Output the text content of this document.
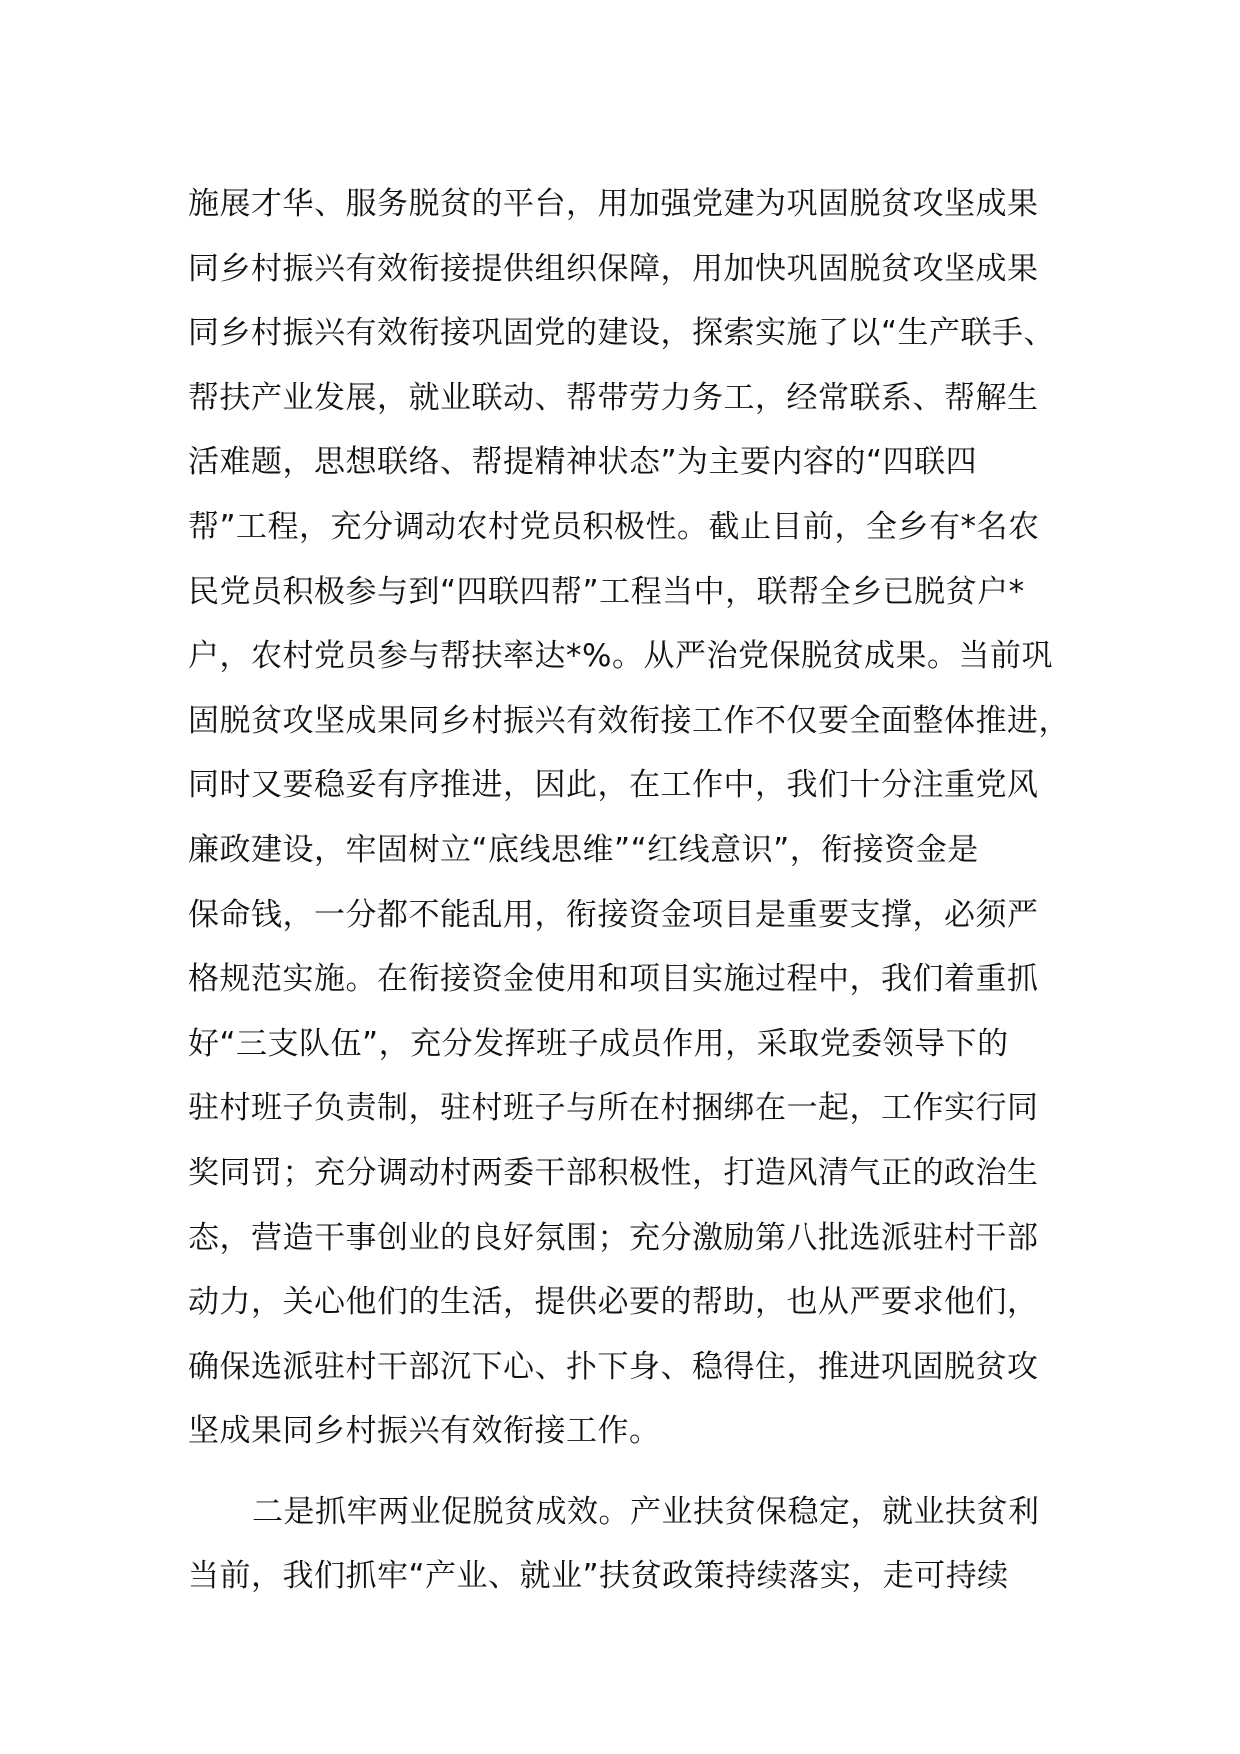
施展才华、服务脱贫的平台，用加强党建为巩固脱贫攻坚成果
同乡村振兴有效衔接提供组织保障，用加快巩固脱贫攻坚成果
同乡村振兴有效衔接巩固党的建设，探索实施了以“生产联手、
帮扶产业发展，就业联动、帮带劳力务工，经常联系、帮解生
活难题，思想联络、帮提精神状态”为主要内容的“四联四
帮”工程，充分调动农村党员积极性。截止目前，全乡有*名农
民党员积极参与到“四联四帮”工程当中，联帮全乡已脱贫户*
户，农村党员参与帮扶率达*%。从严治党保脱贫成果。当前巩
固脱贫攻坚成果同乡村振兴有效衔接工作不仅要全面整体推进，
同时又要稳妥有序推进，因此，在工作中，我们十分注重党风
廉政建设，牢固树立“底线思维”“红线意识”，衔接资金是
保命钱，一分都不能乱用，衔接资金项目是重要支撑，必须严
格规范实施。在衔接资金使用和项目实施过程中，我们着重抓
好“三支队伍”，充分发挥班子成员作用，采取党委领导下的
驻村班子负责制，驻村班子与所在村捆绑在一起，工作实行同
奖同罚；充分调动村两委干部积极性，打造风清气正的政治生
态，营造干事创业的良好氛围；充分激励第八批选派驻村干部
动力，关心他们的生活，提供必要的帮助，也从严要求他们，
确保选派驻村干部沉下心、扑下身、稳得住，推进巩固脱贫攻
坚成果同乡村振兴有效衔接工作。
二是抓牢两业促脱贫成效。产业扶贫保稳定，就业扶贫利
当前，我们抓牢“产业、就业”扶贫政策持续落实，走可持续
